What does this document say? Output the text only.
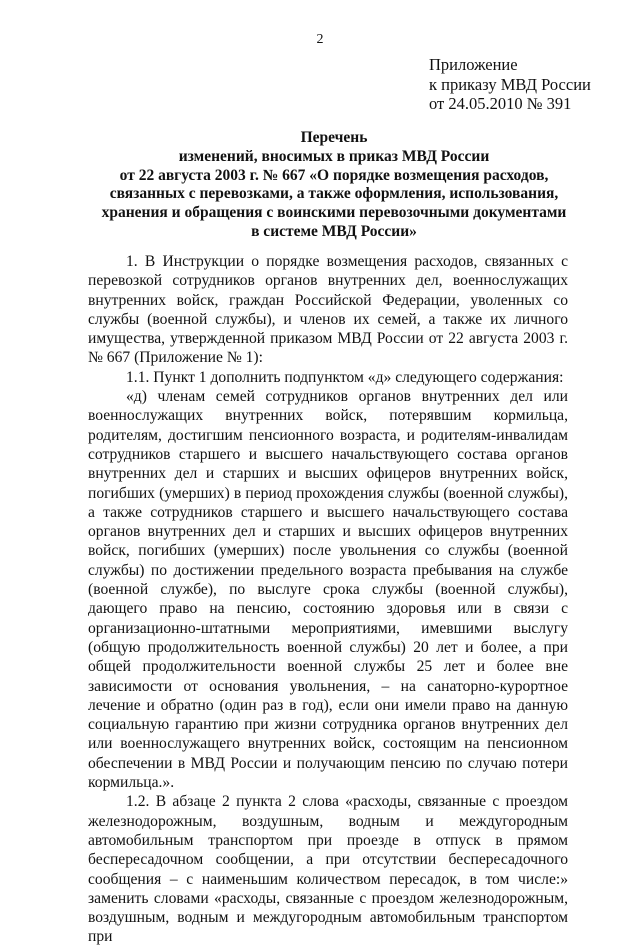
2
Приложение
к приказу МВД России
от 24.05.2010 № 391
Перечень
изменений, вносимых в приказ МВД России
от 22 августа 2003 г. № 667 «О порядке возмещения расходов,
связанных с перевозками, а также оформления, использования,
хранения и обращения с воинскими перевозочными документами
в системе МВД России»

1. В Инструкции о порядке возмещения расходов, связанных с перевозкой сотрудников органов внутренних дел, военнослужащих внутренних войск, граждан Российской Федерации, уволенных со службы (военной службы), и членов их семей, а также их личного имущества, утвержденной приказом МВД России от 22 августа 2003 г. № 667 (Приложение № 1):

1.1. Пункт 1 дополнить подпунктом «д» следующего содержания:

«д) членам семей сотрудников органов внутренних дел или военнослужащих внутренних войск, потерявшим кормильца, родителям, достигшим пенсионного возраста, и родителям-инвалидам сотрудников старшего и высшего начальствующего состава органов внутренних дел и старших и высших офицеров внутренних войск, погибших (умерших) в период прохождения службы (военной службы), а также сотрудников старшего и высшего начальствующего состава органов внутренних дел и старших и высших офицеров внутренних войск, погибших (умерших) после увольнения со службы (военной службы) по достижении предельного возраста пребывания на службе (военной службе), по выслуге срока службы (военной службы), дающего право на пенсию, состоянию здоровья или в связи с организационно-штатными мероприятиями, имевшими выслугу (общую продолжительность военной службы) 20 лет и более, а при общей продолжительности военной службы 25 лет и более вне зависимости от основания увольнения, – на санаторно-курортное лечение и обратно (один раз в год), если они имели право на данную социальную гарантию при жизни сотрудника органов внутренних дел или военнослужащего внутренних войск, состоящим на пенсионном обеспечении в МВД России и получающим пенсию по случаю потери кормильца.».

1.2. В абзаце 2 пункта 2 слова «расходы, связанные с проездом железнодорожным, воздушным, водным и междугородным автомобильным транспортом при проезде в отпуск в прямом беспересадочном сообщении, а при отсутствии беспересадочного сообщения – с наименьшим количеством пересадок, в том числе:» заменить словами «расходы, связанные с проездом железнодорожным, воздушным, водным и междугородным автомобильным транспортом при
